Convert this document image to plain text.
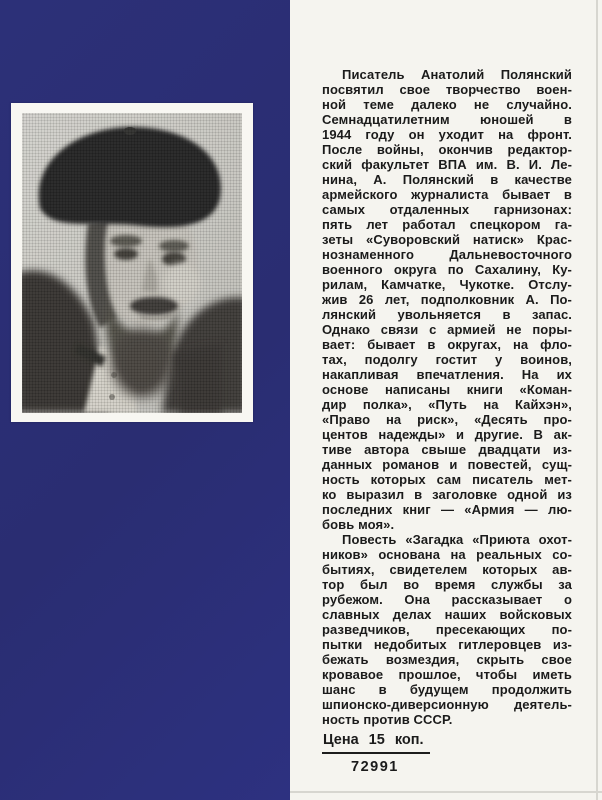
Писатель Анатолий Полянский
посвятил свое творчество воен-
ной теме далеко не случайно.
Семнадцатилетним юношей в
1944 году он уходит на фронт.
После войны, окончив редактор-
ский факультет ВПА им. В. И. Ле-
нина, А. Полянский в качестве
армейского журналиста бывает в
самых отдаленных гарнизонах:
пять лет работал спецкором га-
зеты «Суворовский натиск» Крас-
нознаменного Дальневосточного
военного округа по Сахалину, Ку-
рилам, Камчатке, Чукотке. Отслу-
жив 26 лет, подполковник А. По-
лянский увольняется в запас.
Однако связи с армией не поры-
вает: бывает в округах, на фло-
тах, подолгу гостит у воинов,
накапливая впечатления. На их
основе написаны книги «Коман-
дир полка», «Путь на Кайхэн»,
«Право на риск», «Десять про-
центов надежды» и другие. В ак-
тиве автора свыше двадцати из-
данных романов и повестей, сущ-
ность которых сам писатель мет-
ко выразил в заголовке одной из
последних книг — «Армия — лю-
бовь моя».
Повесть «Загадка «Приюта охот-
ников» основана на реальных со-
бытиях, свидетелем которых ав-
тор был во время службы за
рубежом. Она рассказывает о
славных делах наших войсковых
разведчиков, пресекающих по-
пытки недобитых гитлеровцев из-
бежать возмездия, скрыть свое
кровавое прошлое, чтобы иметь
шанс в будущем продолжить
шпионско-диверсионную деятель-
ность против СССР.
Цена 15 коп.
72991
